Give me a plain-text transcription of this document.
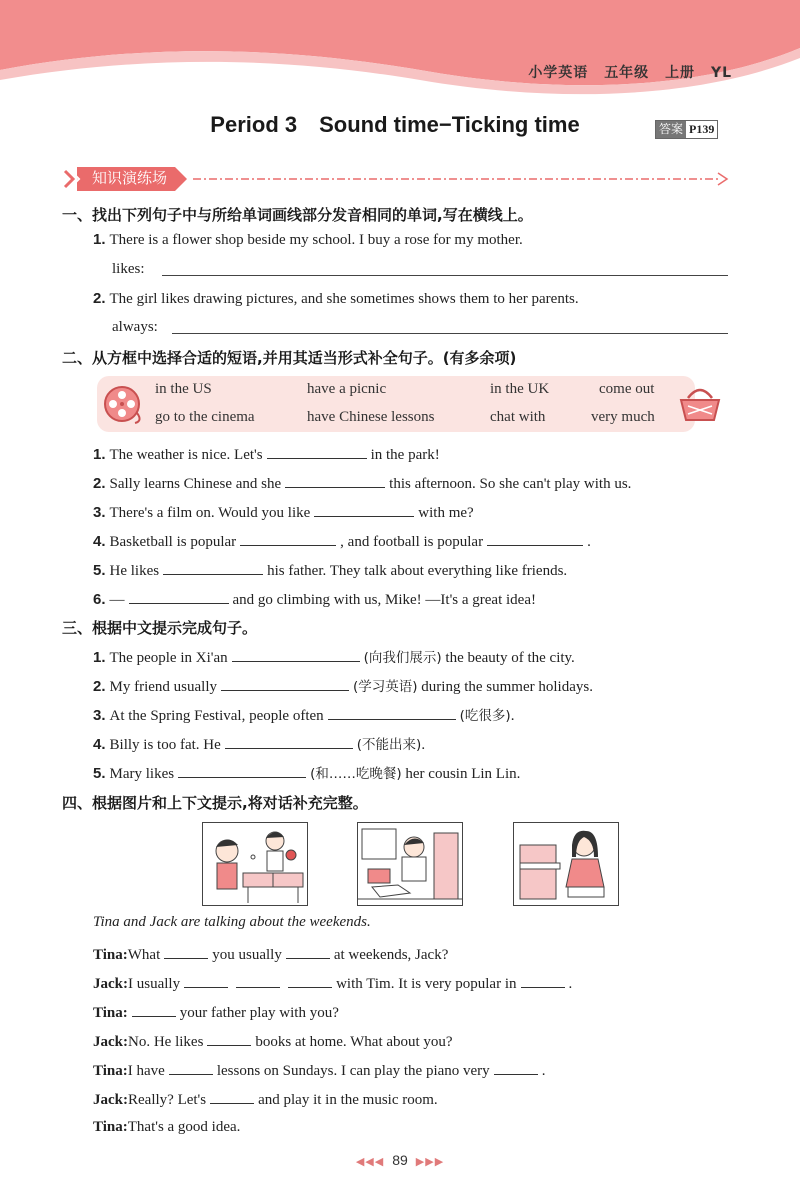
小学英语 五年级 上册 YL
Period 3 Sound time−Ticking time	答案 P139
知识演练场
一、找出下列句子中与所给单词画线部分发音相同的单词,写在横线上。
1. There is a flower shop beside my school. I buy a rose for my mother.
likes:
2. The girl likes drawing pictures, and she sometimes shows them to her parents.
always:
二、从方框中选择合适的短语,并用其适当形式补全句子。(有多余项)
in the US	have a picnic	in the UK	come out
go to the cinema	have Chinese lessons	chat with	very much
1. The weather is nice. Let's	in the park!
2. Sally learns Chinese and she	this afternoon. So she can't play with us.
3. There's a film on. Would you like	with me?
4. Basketball is popular	, and football is popular	.
5. He likes	his father. They talk about everything like friends.
6. —	and go climbing with us, Mike! —It's a great idea!
三、根据中文提示完成句子。
1. The people in Xi'an	(向我们展示) the beauty of the city.
2. My friend usually	(学习英语) during the summer holidays.
3. At the Spring Festival, people often	(吃很多).
4. Billy is too fat. He	(不能出来).
5. Mary likes	(和……吃晚餐) her cousin Lin Lin.
四、根据图片和上下文提示,将对话补充完整。
Tina and Jack are talking about the weekends.
Tina:What	you usually	at weekends, Jack?
Jack:I usually	with Tim. It is very popular in	.
Tina:	your father play with you?
Jack:No. He likes	books at home. What about you?
Tina:I have	lessons on Sundays. I can play the piano very	.
Jack:Really? Let's	and play it in the music room.
Tina:That's a good idea.
◀◀◀ 89 ▶▶▶
